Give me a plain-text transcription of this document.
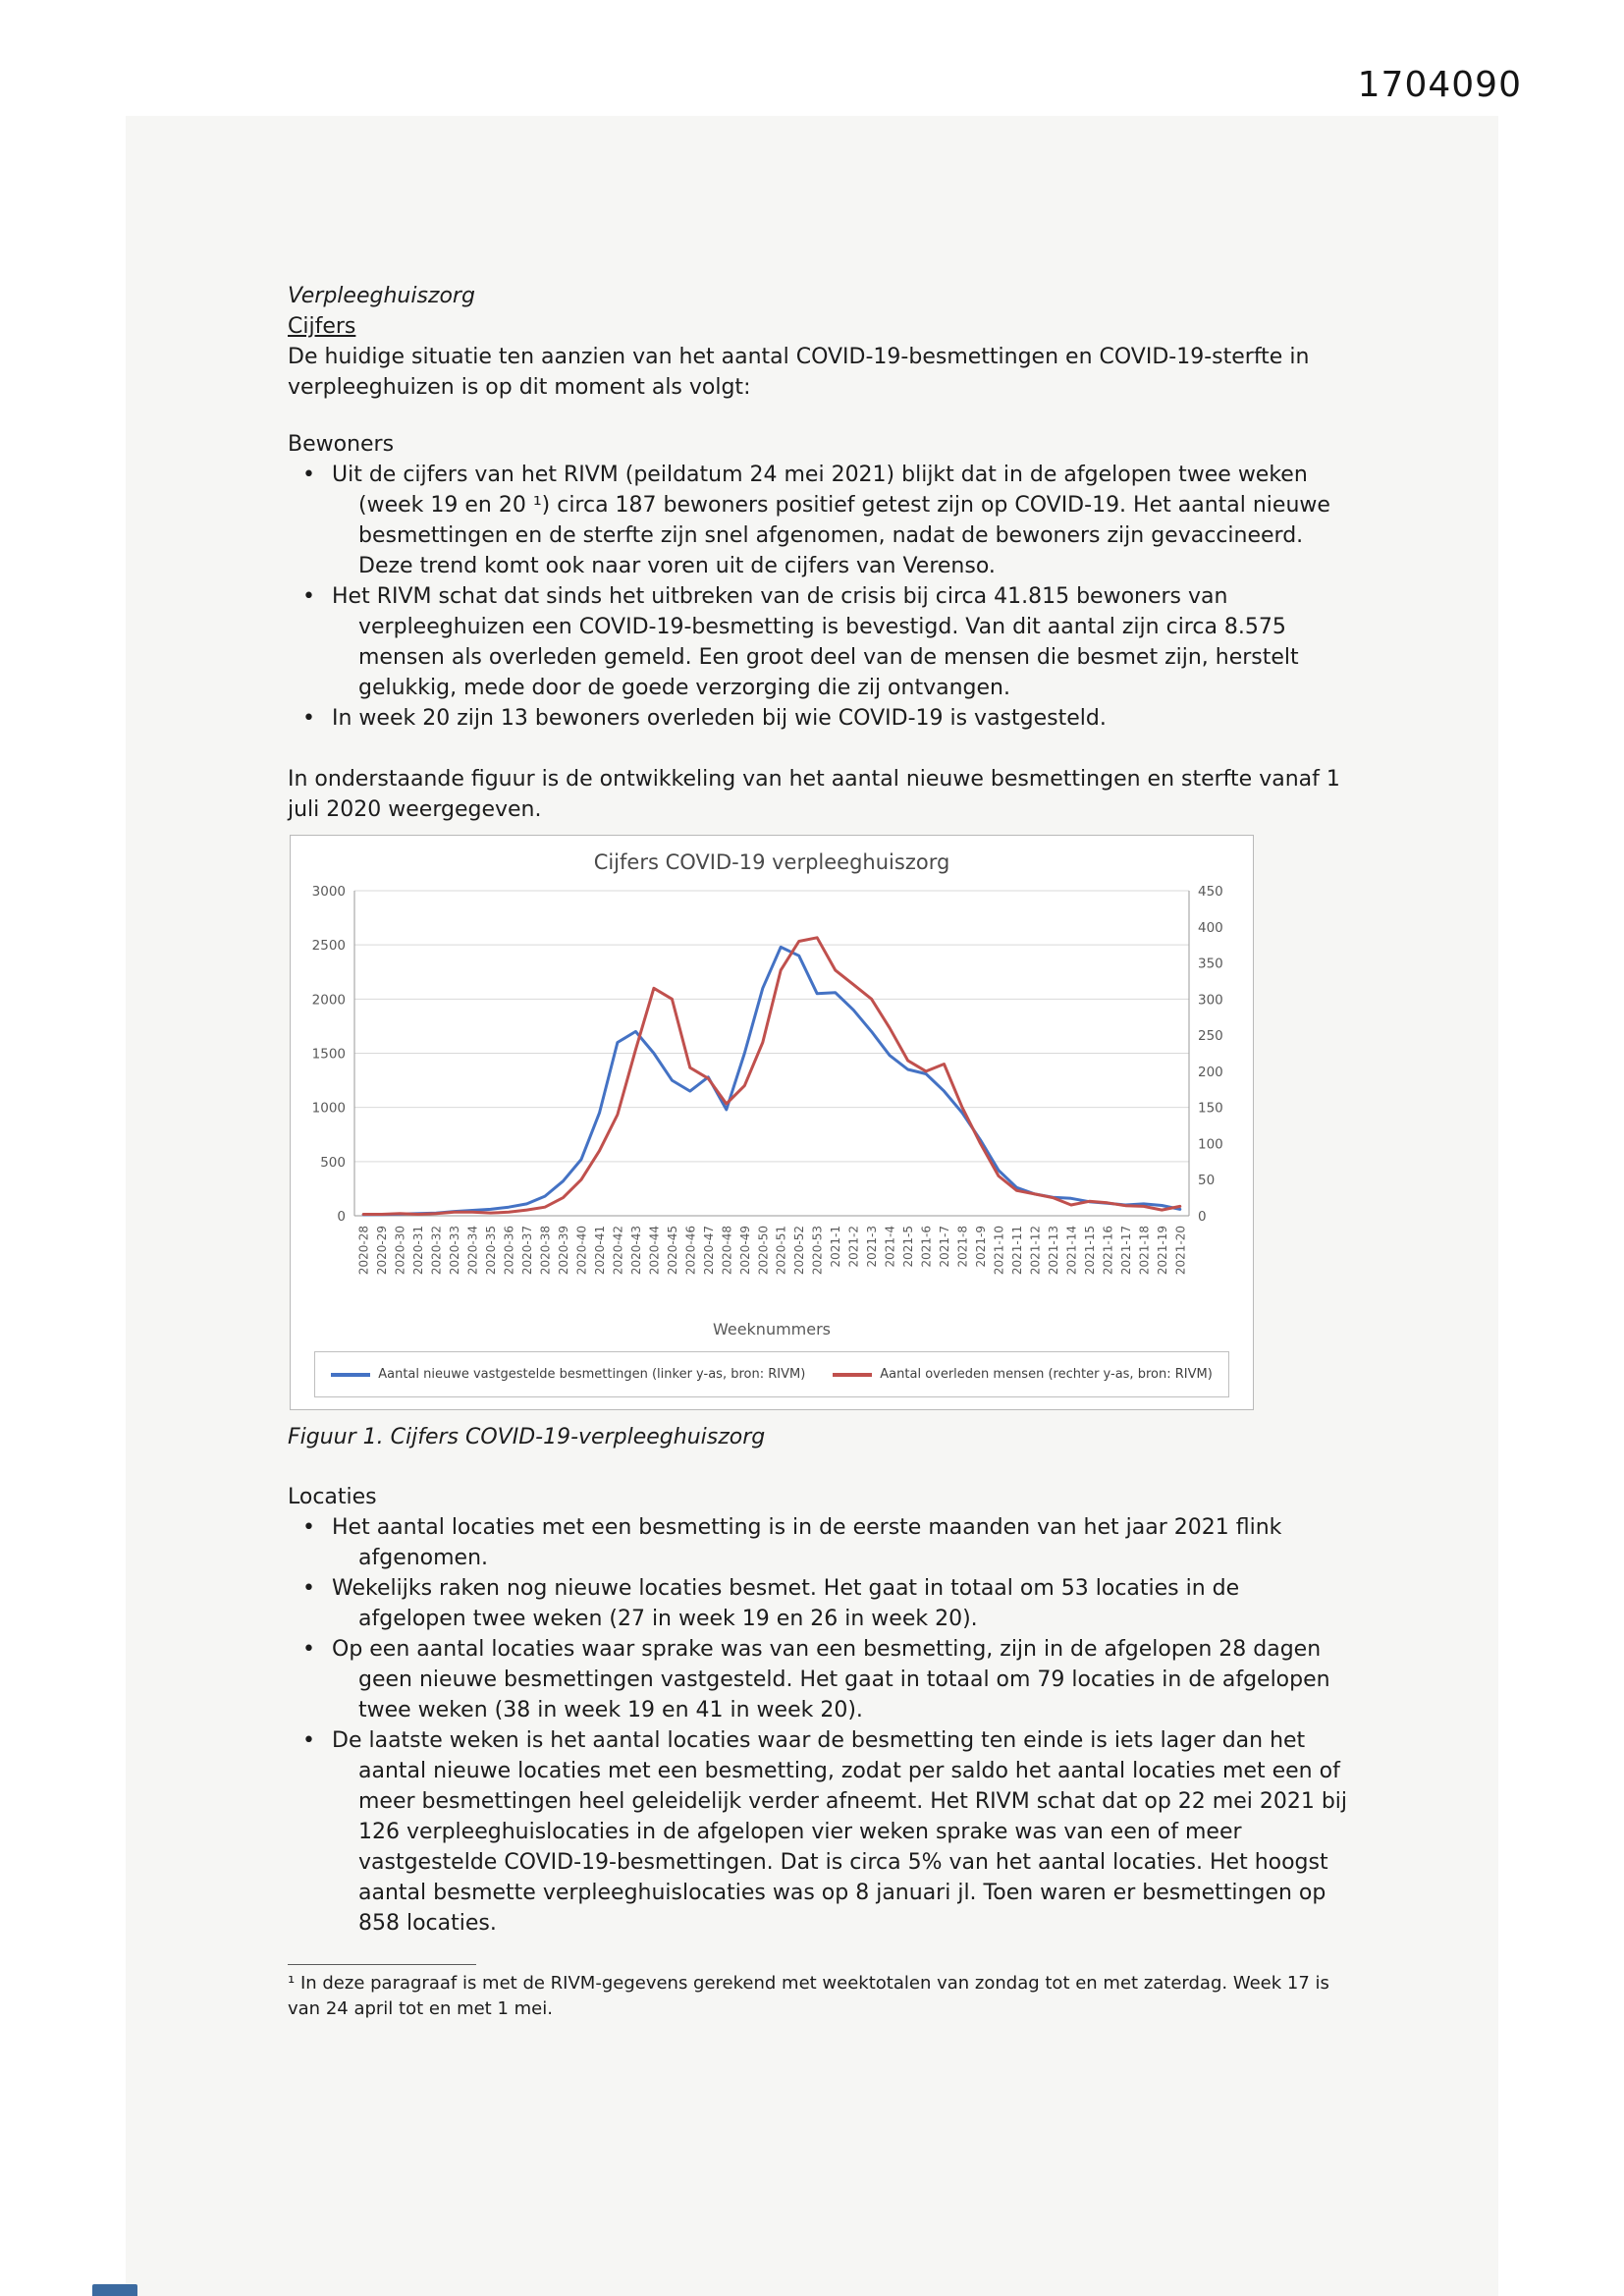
1704090
Verpleeghuiszorg
Cijfers

De huidige situatie ten aanzien van het aantal COVID-19-besmettingen en COVID-19-sterfte in verpleeghuizen is op dit moment als volgt:

Bewoners
• Uit de cijfers van het RIVM (peildatum 24 mei 2021) blijkt dat in de afgelopen twee weken (week 19 en 20 ¹) circa 187 bewoners positief getest zijn op COVID-19. Het aantal nieuwe besmettingen en de sterfte zijn snel afgenomen, nadat de bewoners zijn gevaccineerd. Deze trend komt ook naar voren uit de cijfers van Verenso.
• Het RIVM schat dat sinds het uitbreken van de crisis bij circa 41.815 bewoners van verpleeghuizen een COVID-19-besmetting is bevestigd. Van dit aantal zijn circa 8.575 mensen als overleden gemeld. Een groot deel van de mensen die besmet zijn, herstelt gelukkig, mede door de goede verzorging die zij ontvangen.
• In week 20 zijn 13 bewoners overleden bij wie COVID-19 is vastgesteld.

In onderstaande figuur is de ontwikkeling van het aantal nieuwe besmettingen en sterfte vanaf 1 juli 2020 weergegeven.

Cijfers COVID-19 verpleeghuiszorg
0
500
1000
1500
2000
2500
3000
0
50
100
150
200
250
300
350
400
450
2020-28 2020-29 2020-30 2020-31 2020-32 2020-33 2020-34 2020-35 2020-36 2020-37 2020-38 2020-39 2020-40 2020-41 2020-42 2020-43 2020-44 2020-45 2020-46 2020-47 2020-48 2020-49 2020-50 2020-51 2020-52 2020-53 2021-1 2021-2 2021-3 2021-4 2021-5 2021-6 2021-7 2021-8 2021-9 2021-10 2021-11 2021-12 2021-13 2021-14 2021-15 2021-16 2021-17 2021-18 2021-19 2021-20
Weeknummers
Aantal nieuwe vastgestelde besmettingen (linker y-as, bron: RIVM)	Aantal overleden mensen (rechter y-as, bron: RIVM)
Figuur 1. Cijfers COVID-19-verpleeghuiszorg
Locaties
• Het aantal locaties met een besmetting is in de eerste maanden van het jaar 2021 flink afgenomen.
• Wekelijks raken nog nieuwe locaties besmet. Het gaat in totaal om 53 locaties in de afgelopen twee weken (27 in week 19 en 26 in week 20).
• Op een aantal locaties waar sprake was van een besmetting, zijn in de afgelopen 28 dagen geen nieuwe besmettingen vastgesteld. Het gaat in totaal om 79 locaties in de afgelopen twee weken (38 in week 19 en 41 in week 20).
• De laatste weken is het aantal locaties waar de besmetting ten einde is iets lager dan het aantal nieuwe locaties met een besmetting, zodat per saldo het aantal locaties met een of meer besmettingen heel geleidelijk verder afneemt. Het RIVM schat dat op 22 mei 2021 bij 126 verpleeghuislocaties in de afgelopen vier weken sprake was van een of meer vastgestelde COVID-19-besmettingen. Dat is circa 5% van het aantal locaties. Het hoogst aantal besmette verpleeghuislocaties was op 8 januari jl. Toen waren er besmettingen op 858 locaties.
¹ In deze paragraaf is met de RIVM-gegevens gerekend met weektotalen van zondag tot en met zaterdag. Week 17 is van 24 april tot en met 1 mei.
